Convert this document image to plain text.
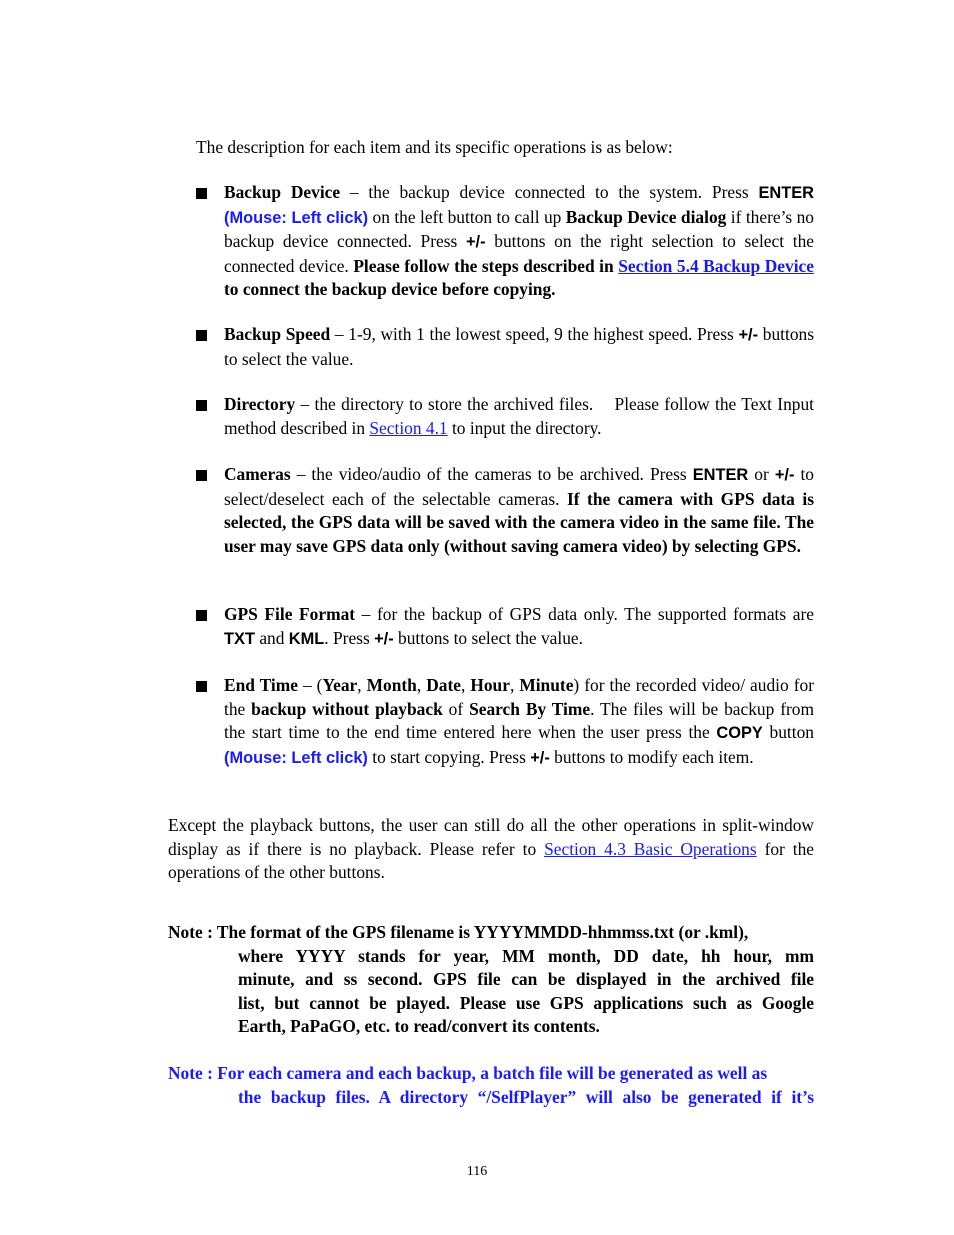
The description for each item and its specific operations is as below:

Backup Device – the backup device connected to the system. Press ENTER (Mouse: Left click) on the left button to call up Backup Device dialog if there’s no backup device connected. Press +/- buttons on the right selection to select the connected device. Please follow the steps described in Section 5.4 Backup Device to connect the backup device before copying.

Backup Speed – 1-9, with 1 the lowest speed, 9 the highest speed. Press +/- buttons to select the value.

Directory – the directory to store the archived files.    Please follow the Text Input method described in Section 4.1 to input the directory.

Cameras – the video/audio of the cameras to be archived. Press ENTER or +/- to select/deselect each of the selectable cameras. If the camera with GPS data is selected, the GPS data will be saved with the camera video in the same file. The user may save GPS data only (without saving camera video) by selecting GPS.

GPS File Format – for the backup of GPS data only. The supported formats are TXT and KML. Press +/- buttons to select the value.

End Time – (Year, Month, Date, Hour, Minute) for the recorded video/ audio for the backup without playback of Search By Time. The files will be backup from the start time to the end time entered here when the user press the COPY button (Mouse: Left click) to start copying. Press +/- buttons to modify each item.

Except the playback buttons, the user can still do all the other operations in split-window display as if there is no playback. Please refer to Section 4.3 Basic Operations for the operations of the other buttons.

Note : The format of the GPS filename is YYYYMMDD-hhmmss.txt (or .kml),

where YYYY stands for year, MM month, DD date, hh hour, mm

minute, and ss second. GPS file can be displayed in the archived file

list, but cannot be played. Please use GPS applications such as Google

Earth, PaPaGO, etc. to read/convert its contents.

Note : For each camera and each backup, a batch file will be generated as well as

the backup files. A directory “/SelfPlayer” will also be generated if it’s

116
